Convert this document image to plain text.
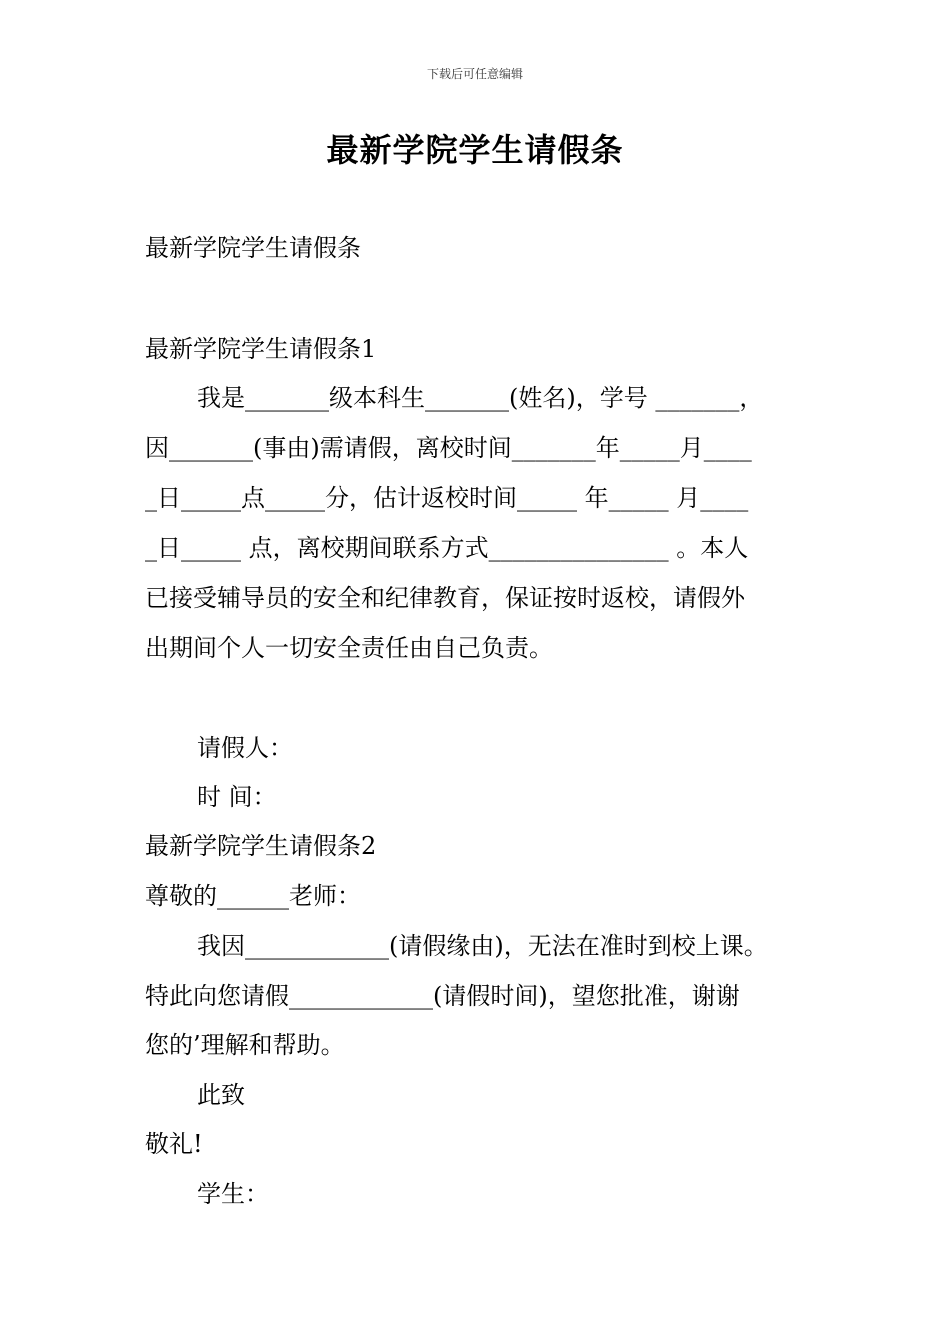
下载后可任意编辑
最新学院学生请假条
最新学院学生请假条
最新学院学生请假条1
我是_______级本科生_______(姓名)，学号 _______，
因_______(事由)需请假，离校时间_______年_____月____
_日_____点_____分，估计返校时间_____ 年_____ 月____
_日_____ 点，离校期间联系方式_______________ 。本人
已接受辅导员的安全和纪律教育，保证按时返校，请假外
出期间个人一切安全责任由自己负责。
请假人：
时 间：
最新学院学生请假条2
尊敬的______老师：
我因____________(请假缘由)，无法在准时到校上课。
特此向您请假____________(请假时间)，望您批准，谢谢
您的’理解和帮助。
此致
敬礼!
学生：
